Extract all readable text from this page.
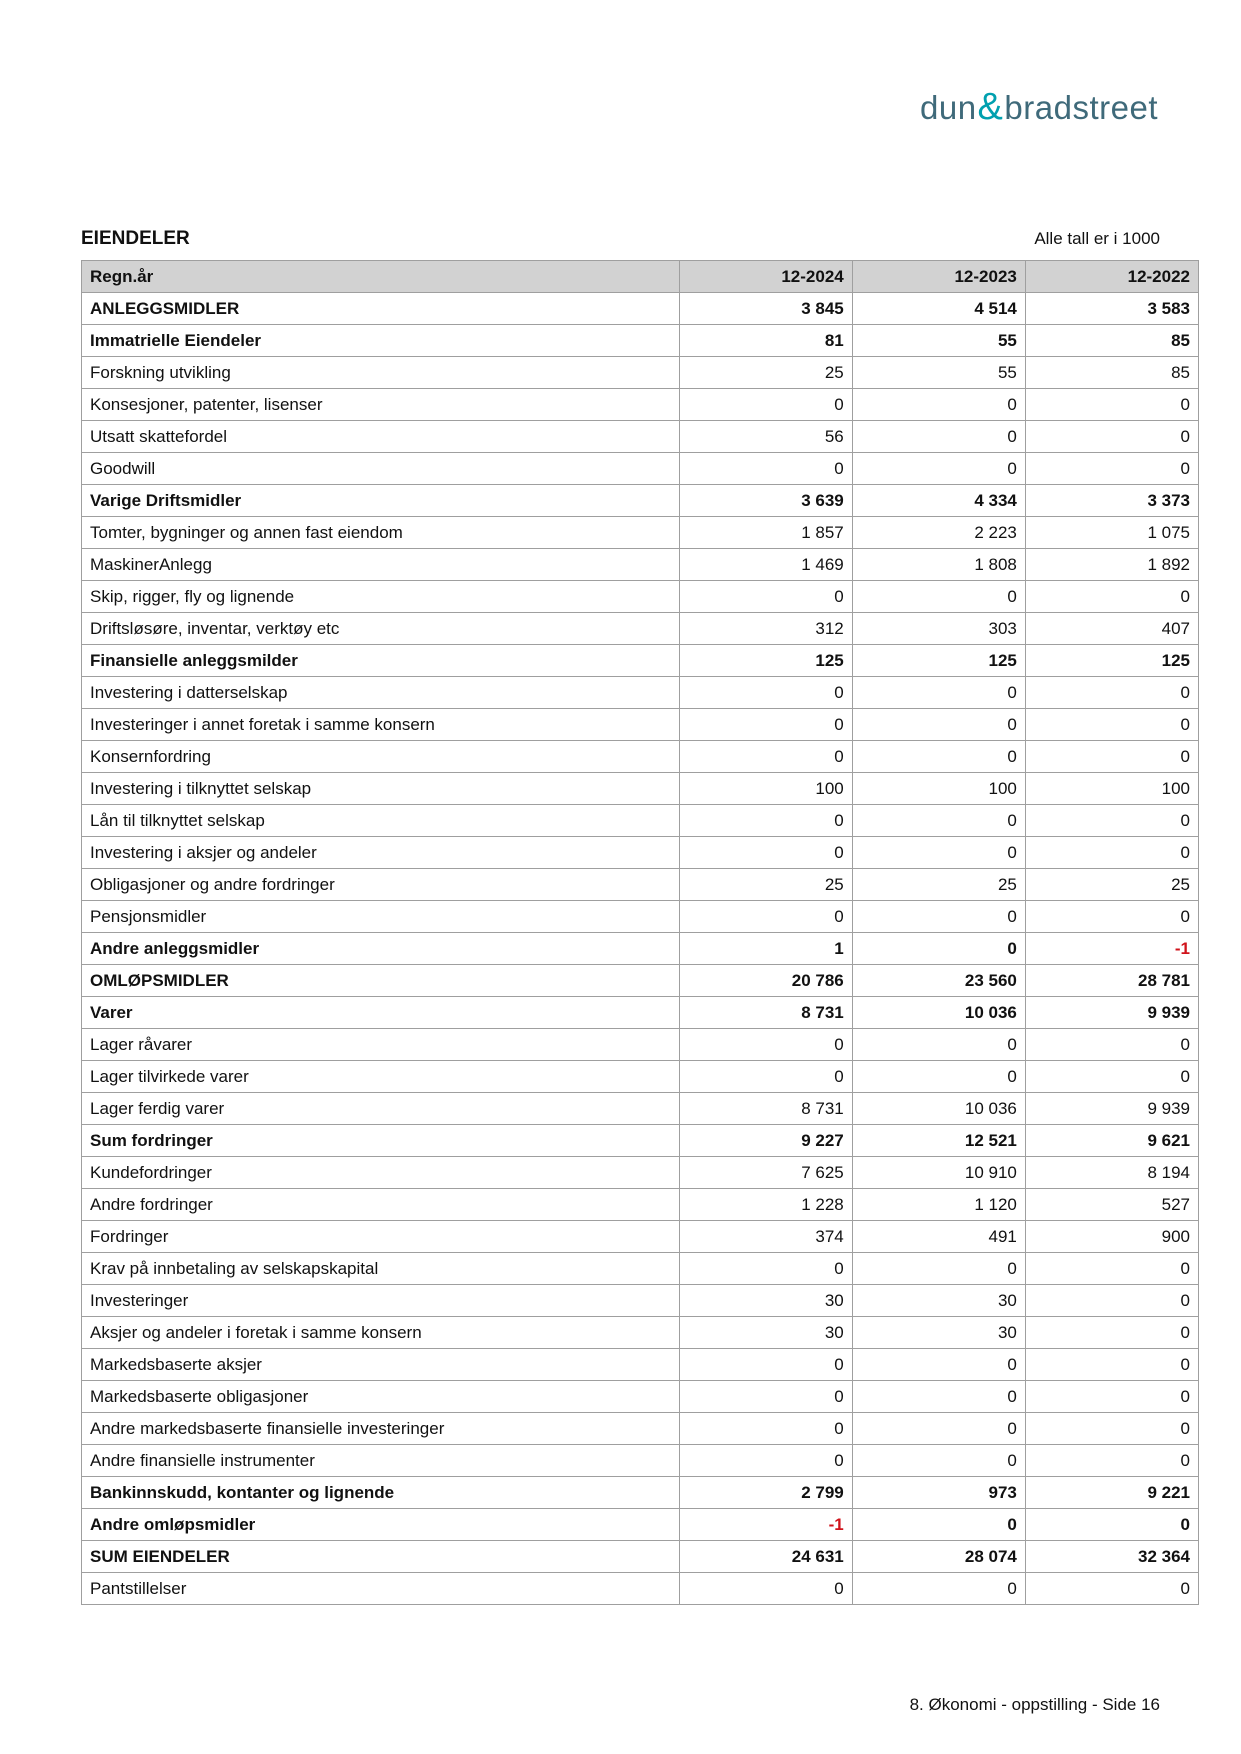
dun&bradstreet
EIENDELER	Alle tall er i 1000
Regn.år	12-2024	12-2023	12-2022
ANLEGGSMIDLER	3 845	4 514	3 583
Immatrielle Eiendeler	81	55	85
Forskning utvikling	25	55	85
Konsesjoner, patenter, lisenser	0	0	0
Utsatt skattefordel	56	0	0
Goodwill	0	0	0
Varige Driftsmidler	3 639	4 334	3 373
Tomter, bygninger og annen fast eiendom	1 857	2 223	1 075
MaskinerAnlegg	1 469	1 808	1 892
Skip, rigger, fly og lignende	0	0	0
Driftsløsøre, inventar, verktøy etc	312	303	407
Finansielle anleggsmilder	125	125	125
Investering i datterselskap	0	0	0
Investeringer i annet foretak i samme konsern	0	0	0
Konsernfordring	0	0	0
Investering i tilknyttet selskap	100	100	100
Lån til tilknyttet selskap	0	0	0
Investering i aksjer og andeler	0	0	0
Obligasjoner og andre fordringer	25	25	25
Pensjonsmidler	0	0	0
Andre anleggsmidler	1	0	-1
OMLØPSMIDLER	20 786	23 560	28 781
Varer	8 731	10 036	9 939
Lager råvarer	0	0	0
Lager tilvirkede varer	0	0	0
Lager ferdig varer	8 731	10 036	9 939
Sum fordringer	9 227	12 521	9 621
Kundefordringer	7 625	10 910	8 194
Andre fordringer	1 228	1 120	527
Fordringer	374	491	900
Krav på innbetaling av selskapskapital	0	0	0
Investeringer	30	30	0
Aksjer og andeler i foretak i samme konsern	30	30	0
Markedsbaserte aksjer	0	0	0
Markedsbaserte obligasjoner	0	0	0
Andre markedsbaserte finansielle investeringer	0	0	0
Andre finansielle instrumenter	0	0	0
Bankinnskudd, kontanter og lignende	2 799	973	9 221
Andre omløpsmidler	-1	0	0
SUM EIENDELER	24 631	28 074	32 364
Pantstillelser	0	0	0
8. Økonomi - oppstilling - Side 16
